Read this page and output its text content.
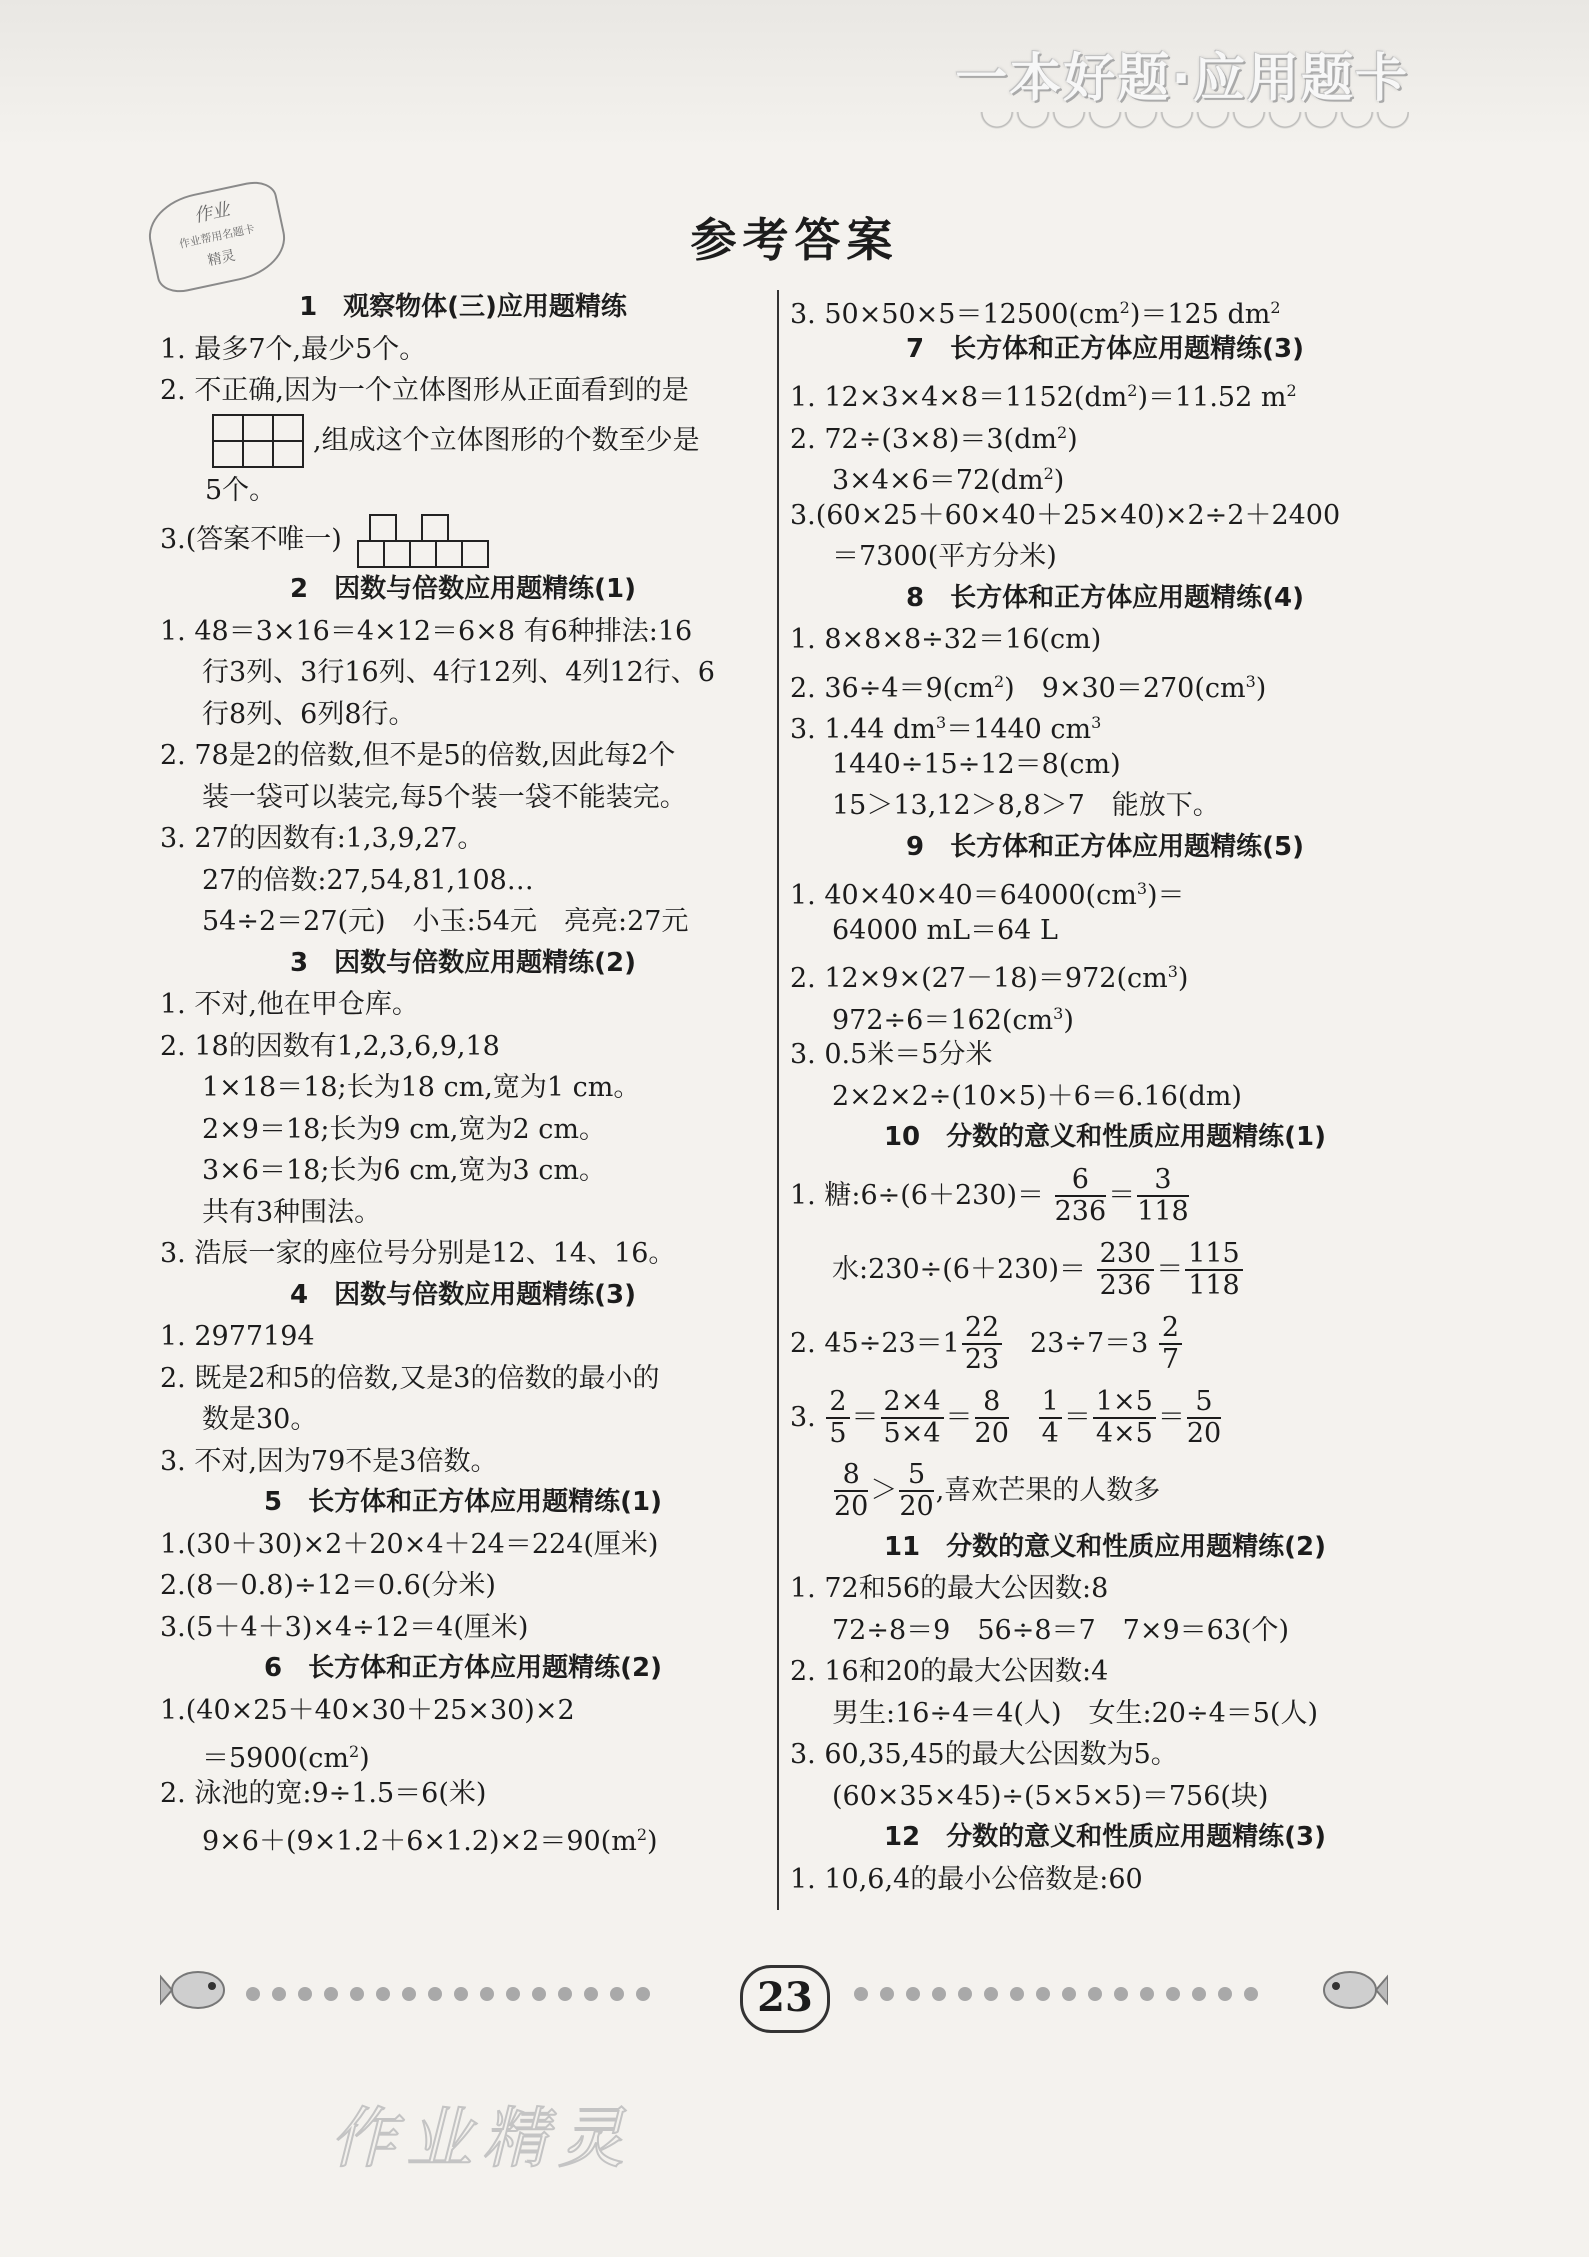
一本好题·应用题卡
作业
作业帮用名题卡
精灵	参考答案
1　观察物体(三)应用题精练
1. 最多7个,最少5个。
2. 不正确,因为一个立体图形从正面看到的是
,组成这个立体图形的个数至少是
5个。
3.(答案不唯一)
2　因数与倍数应用题精练(1)
1. 48＝3×16＝4×12＝6×8 有6种排法:16
行3列、3行16列、4行12列、4列12行、6
行8列、6列8行。
2. 78是2的倍数,但不是5的倍数,因此每2个
装一袋可以装完,每5个装一袋不能装完。
3. 27的因数有:1,3,9,27。
27的倍数:27,54,81,108…
54÷2＝27(元)　小玉:54元　亮亮:27元
3　因数与倍数应用题精练(2)
1. 不对,他在甲仓库。
2. 18的因数有1,2,3,6,9,18
1×18＝18;长为18 cm,宽为1 cm。
2×9＝18;长为9 cm,宽为2 cm。
3×6＝18;长为6 cm,宽为3 cm。
共有3种围法。
3. 浩辰一家的座位号分别是12、14、16。
4　因数与倍数应用题精练(3)
1. 2977194
2. 既是2和5的倍数,又是3的倍数的最小的
数是30。
3. 不对,因为79不是3倍数。
5　长方体和正方体应用题精练(1)
1.(30＋30)×2＋20×4＋24＝224(厘米)
2.(8－0.8)÷12＝0.6(分米)
3.(5＋4＋3)×4÷12＝4(厘米)
6　长方体和正方体应用题精练(2)
1.(40×25＋40×30＋25×30)×2
$=5900(cm^2)$
2. 泳池的宽:9÷1.5＝6(米)
$9\times 6+(9\times 1.2+6\times 1.2)\times 2=90(m^2)$
3. $50\times 50\times 5=12500(cm^2)=125$ $dm^2$
7　长方体和正方体应用题精练(3)
1. $12\times 3\times 4\times 8=1152(dm^2)=11.52$ $m^2$
2. $72\div(3\times 8)=3(dm^2)$
$3\times 4\times 6=72(dm^2)$
3.(60×25＋60×40＋25×40)×2÷2＋2400
＝7300(平方分米)
8　长方体和正方体应用题精练(4)
1. 8×8×8÷32＝16(cm)
2. $36\div 4=9(cm^2)$　$9\times 30=270(cm^3)$
3. 1.44 $dm^3=1440$ $cm^3$
1440÷15÷12＝8(cm)
15＞13,12＞8,8＞7　能放下。
9　长方体和正方体应用题精练(5)
1. $40\times 40\times 40=64000(cm^3)=$
64000 mL＝64 L
2. $12\times 9\times(27-18)=972(cm^3)$
$972\div 6=162(cm^3)$
3. 0.5米＝5分米
2×2×2÷(10×5)＋6＝6.16(dm)
10　分数的意义和性质应用题精练(1)
1. 糖:6÷(6＋230)＝ $\frac{6}{236} = \frac{3}{118}$
水:230÷(6＋230)＝ $\frac{230}{236} = \frac{115}{118}$
2. $45\div 23=1 \frac{22}{23} 23\div 7=3 \frac{2}{7}$
3. $\frac{2}{5} = \frac{2\times 4}{5\times 4} = \frac{8}{20}$
$\frac{1}{4} = \frac{1\times 5}{4\times 5} = \frac{5}{20}$
$\frac{8}{20} > \frac{5}{20}$ ,喜欢芒果的人数多
11　分数的意义和性质应用题精练(2)
1. 72和56的最大公因数:8
72÷8＝9　56÷8＝7　7×9＝63(个)
2. 16和20的最大公因数:4
男生:16÷4＝4(人)　女生:20÷4＝5(人)
3. 60,35,45的最大公因数为5。
(60×35×45)÷(5×5×5)＝756(块)
12　分数的意义和性质应用题精练(3)
1. 10,6,4的最小公倍数是:60
23
作业精灵
